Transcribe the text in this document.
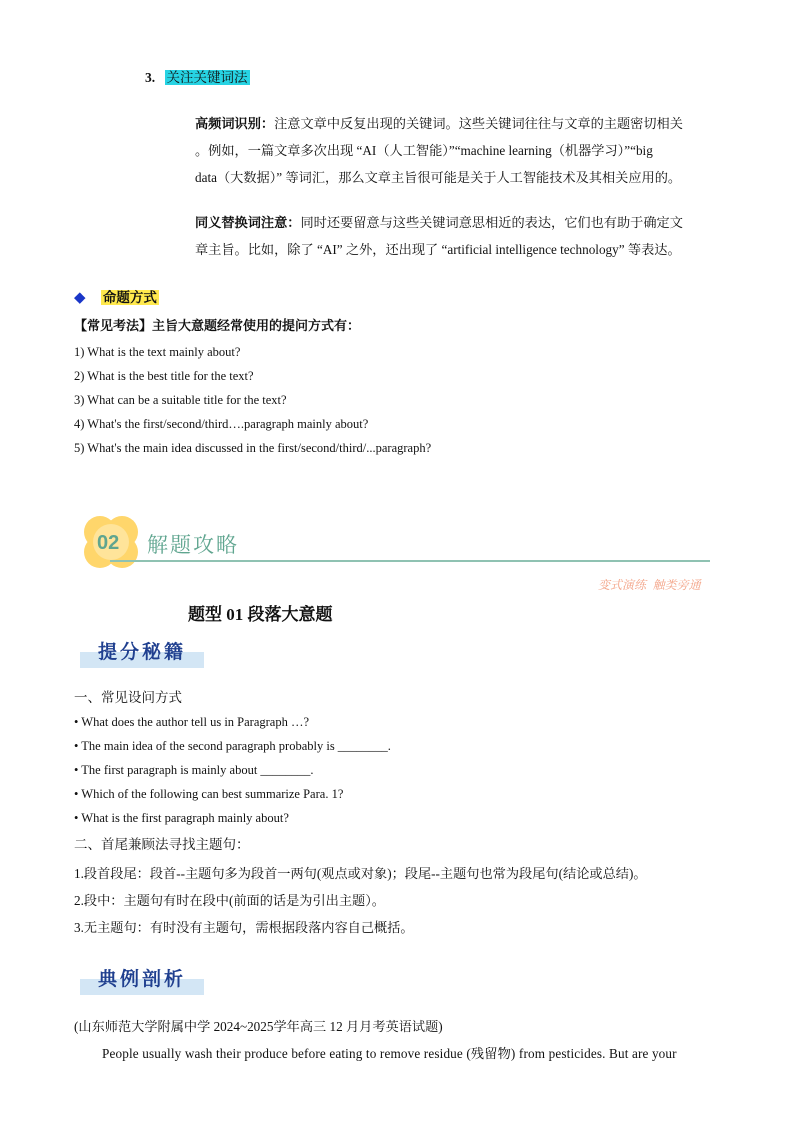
3. 关注关键词法
高频词识别：注意文章中反复出现的关键词。这些关键词往往与文章的主题密切相关
。例如，一篇文章多次出现 “AI（人工智能）”“machine learning（机器学习）”“big
data（大数据）” 等词汇，那么文章主旨很可能是关于人工智能技术及其相关应用的。
同义替换词注意：同时还要留意与这些关键词意思相近的表达，它们也有助于确定文
章主旨。比如，除了 “AI” 之外，还出现了 “artificial intelligence technology” 等表达。
◆ 命题方式
【常见考法】主旨大意题经常使用的提问方式有：
1) What is the text mainly about?
2) What is the best title for the text?
3) What can be a suitable title for the text?
4) What's the first/second/third….paragraph mainly about?
5) What's the main idea discussed in the first/second/third/...paragraph?
02 解题攻略
变式演练  触类旁通
题型 01 段落大意题
提分秘籍
一、常见设问方式
• What does the author tell us in Paragraph …?
• The main idea of the second paragraph probably is ________.
• The first paragraph is mainly about ________.
• Which of the following can best summarize Para. 1?
• What is the first paragraph mainly about?
二、首尾兼顾法寻找主题句：
1.段首段尾：段首--主题句多为段首一两句(观点或对象)；段尾--主题句也常为段尾句(结论或总结)。
2.段中：主题句有时在段中(前面的话是为引出主题）。
3.无主题句：有时没有主题句，需根据段落内容自己概括。
典例剖析
(山东师范大学附属中学 2024~2025学年高三 12 月月考英语试题)
People usually wash their produce before eating to remove residue (残留物) from pesticides. But are your
